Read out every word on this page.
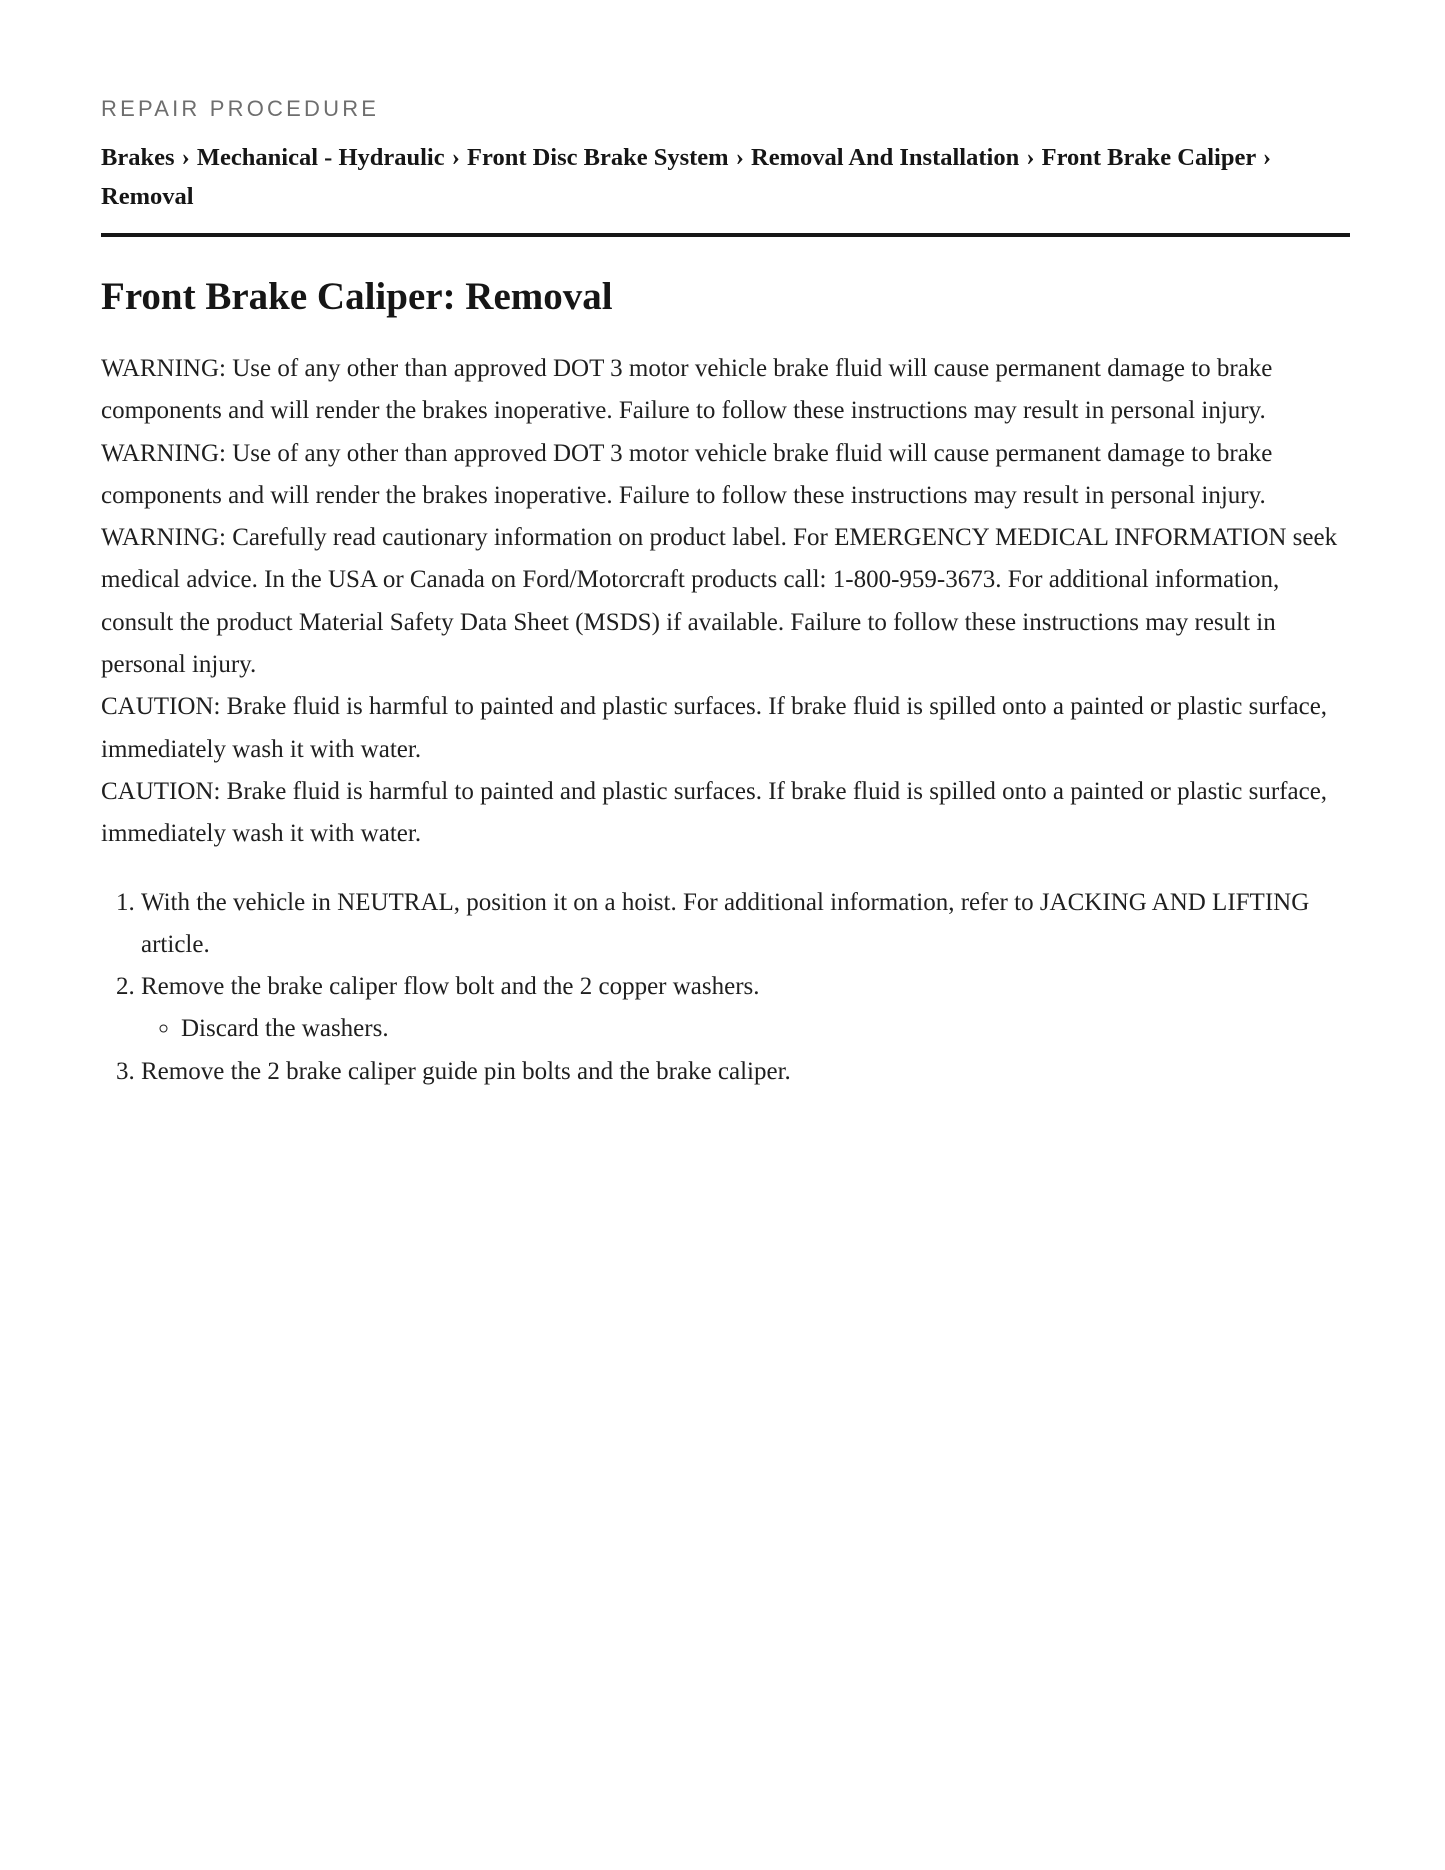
REPAIR PROCEDURE
Brakes › Mechanical - Hydraulic › Front Disc Brake System › Removal And Installation › Front Brake Caliper › Removal
Front Brake Caliper: Removal

WARNING: Use of any other than approved DOT 3 motor vehicle brake fluid will cause permanent damage to brake components and will render the brakes inoperative. Failure to follow these instructions may result in personal injury.

WARNING: Use of any other than approved DOT 3 motor vehicle brake fluid will cause permanent damage to brake components and will render the brakes inoperative. Failure to follow these instructions may result in personal injury.

WARNING: Carefully read cautionary information on product label. For EMERGENCY MEDICAL INFORMATION seek medical advice. In the USA or Canada on Ford/Motorcraft products call: 1-800-959-3673. For additional information, consult the product Material Safety Data Sheet (MSDS) if available. Failure to follow these instructions may result in personal injury.

CAUTION: Brake fluid is harmful to painted and plastic surfaces. If brake fluid is spilled onto a painted or plastic surface, immediately wash it with water.

CAUTION: Brake fluid is harmful to painted and plastic surfaces. If brake fluid is spilled onto a painted or plastic surface, immediately wash it with water.

1. With the vehicle in NEUTRAL, position it on a hoist. For additional information, refer to JACKING AND LIFTING article.
2. Remove the brake caliper flow bolt and the 2 copper washers.
◦ Discard the washers.
3. Remove the 2 brake caliper guide pin bolts and the brake caliper.
